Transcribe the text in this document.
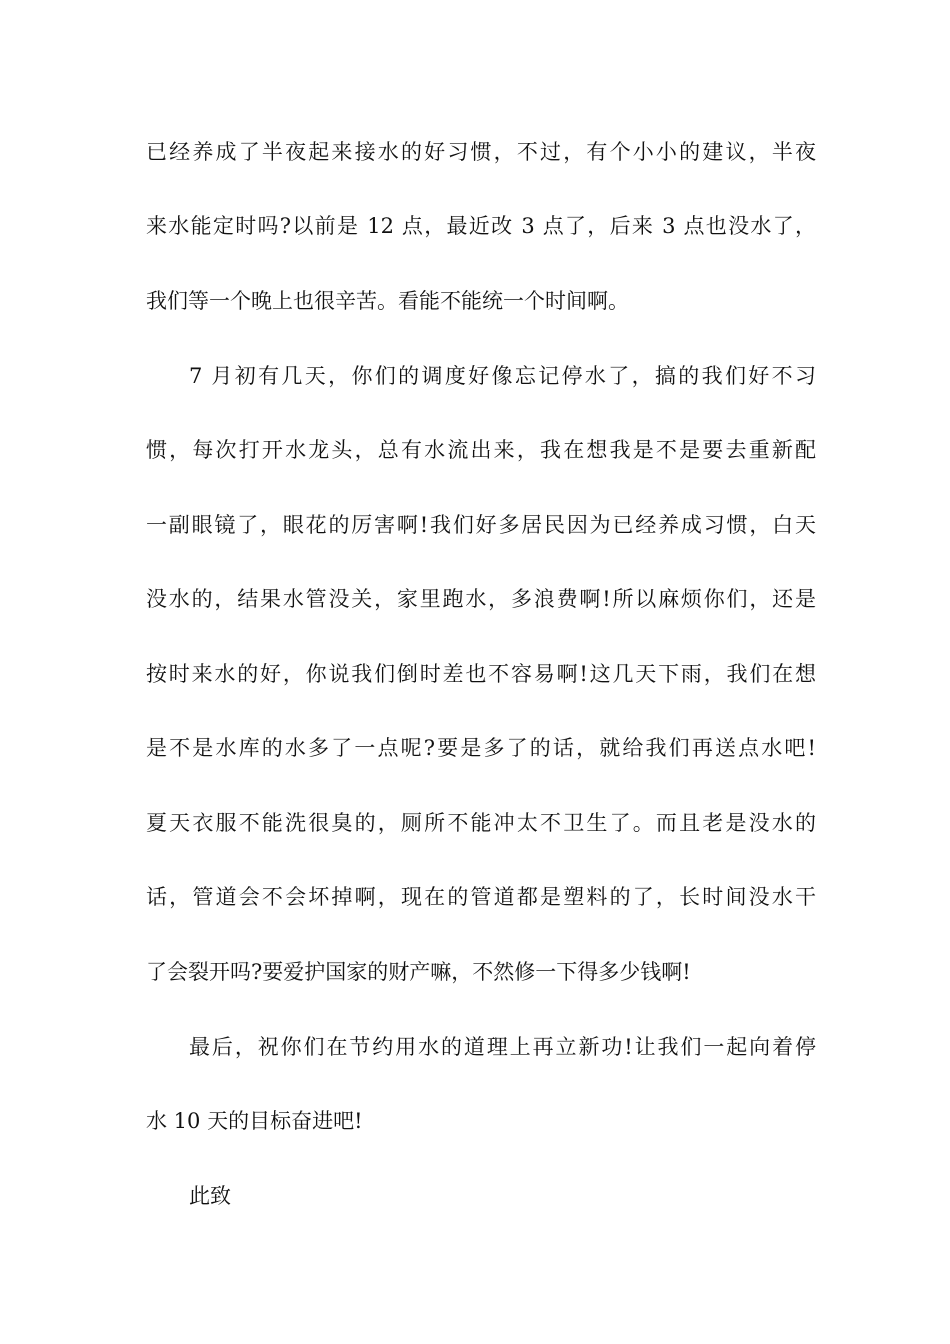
已经养成了半夜起来接水的好习惯，不过，有个小小的建议，半夜

来水能定时吗?以前是 12 点，最近改 3 点了，后来 3 点也没水了，

我们等一个晚上也很辛苦。看能不能统一个时间啊。

7 月初有几天，你们的调度好像忘记停水了，搞的我们好不习

惯，每次打开水龙头，总有水流出来，我在想我是不是要去重新配

一副眼镜了，眼花的厉害啊!我们好多居民因为已经养成习惯，白天

没水的，结果水管没关，家里跑水，多浪费啊!所以麻烦你们，还是

按时来水的好，你说我们倒时差也不容易啊!这几天下雨，我们在想

是不是水库的水多了一点呢?要是多了的话，就给我们再送点水吧!

夏天衣服不能洗很臭的，厕所不能冲太不卫生了。而且老是没水的

话，管道会不会坏掉啊，现在的管道都是塑料的了，长时间没水干

了会裂开吗?要爱护国家的财产嘛，不然修一下得多少钱啊!

最后，祝你们在节约用水的道理上再立新功!让我们一起向着停

水 10 天的目标奋进吧!

此致
